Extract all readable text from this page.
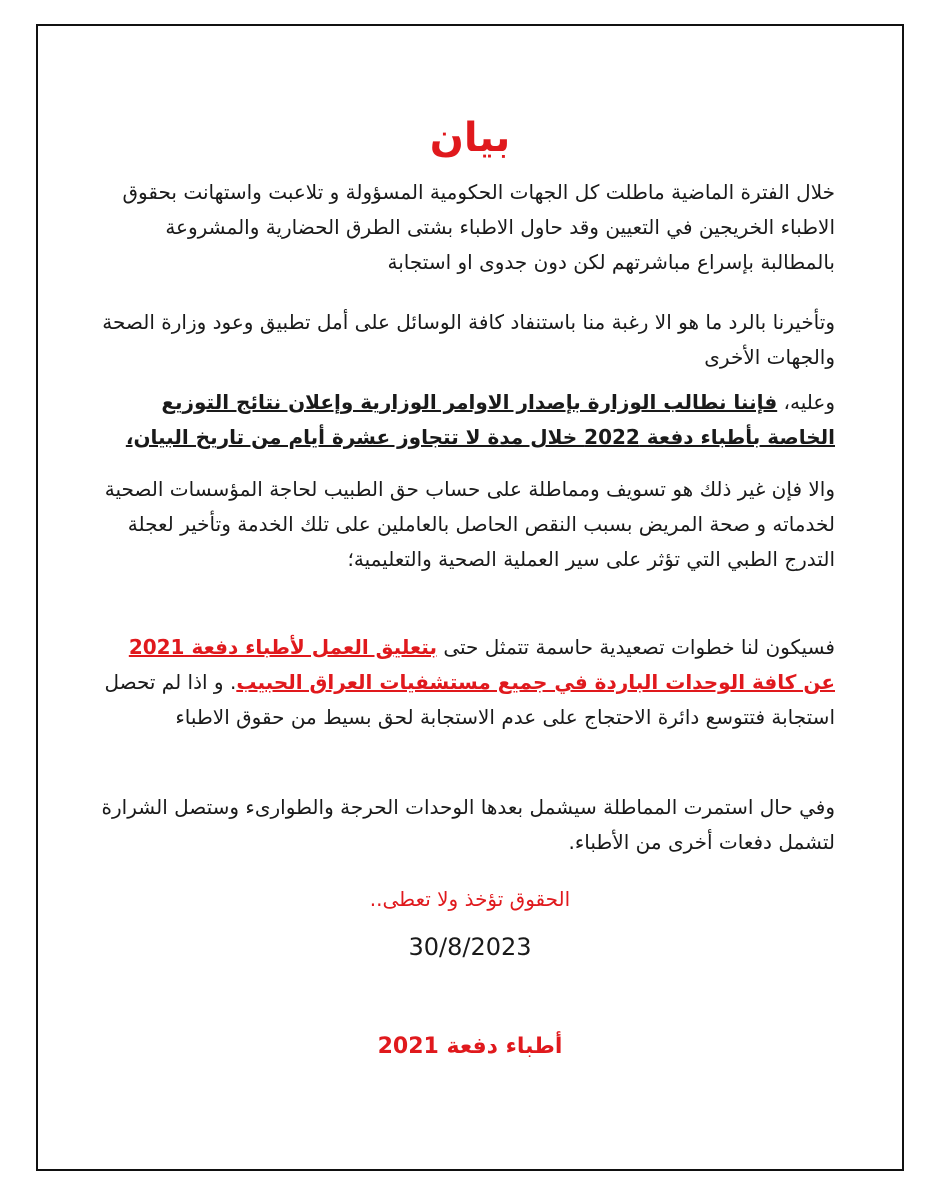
بيان
خلال الفترة الماضية ماطلت كل الجهات الحكومية المسؤولة و تلاعبت واستهانت بحقوق الاطباء الخريجين في التعيين وقد حاول الاطباء بشتى الطرق الحضارية والمشروعة بالمطالبة بإسراع مباشرتهم لكن دون جدوى او استجابة
وتأخيرنا بالرد ما هو الا رغبة منا باستنفاد كافة الوسائل على أمل تطبيق وعود وزارة الصحة والجهات الأخرى
وعليه، فإننا نطالب الوزارة بإصدار الاوامر الوزارية وإعلان نتائج التوزيع الخاصة بأطباء دفعة 2022 خلال مدة لا تتجاوز عشرة أيام من تاريخ البيان،
والا فإن غير ذلك هو تسويف ومماطلة على حساب حق الطبيب لحاجة المؤسسات الصحية لخدماته و صحة المريض بسبب النقص الحاصل بالعاملين على تلك الخدمة وتأخير لعجلة التدرج الطبي التي تؤثر على سير العملية الصحية والتعليمية؛
فسيكون لنا خطوات تصعيدية حاسمة تتمثل حتى بتعليق العمل لأطباء دفعة 2021 عن كافة الوحدات الباردة في جميع مستشفيات العراق الحبيب. و اذا لم تحصل استجابة فتتوسع دائرة الاحتجاج على عدم الاستجابة لحق بسيط من حقوق الاطباء
وفي حال استمرت المماطلة سيشمل بعدها الوحدات الحرجة والطوارىء وستصل الشرارة لتشمل دفعات أخرى من الأطباء.
الحقوق تؤخذ ولا تعطى..
30/8/2023
أطباء دفعة 2021
